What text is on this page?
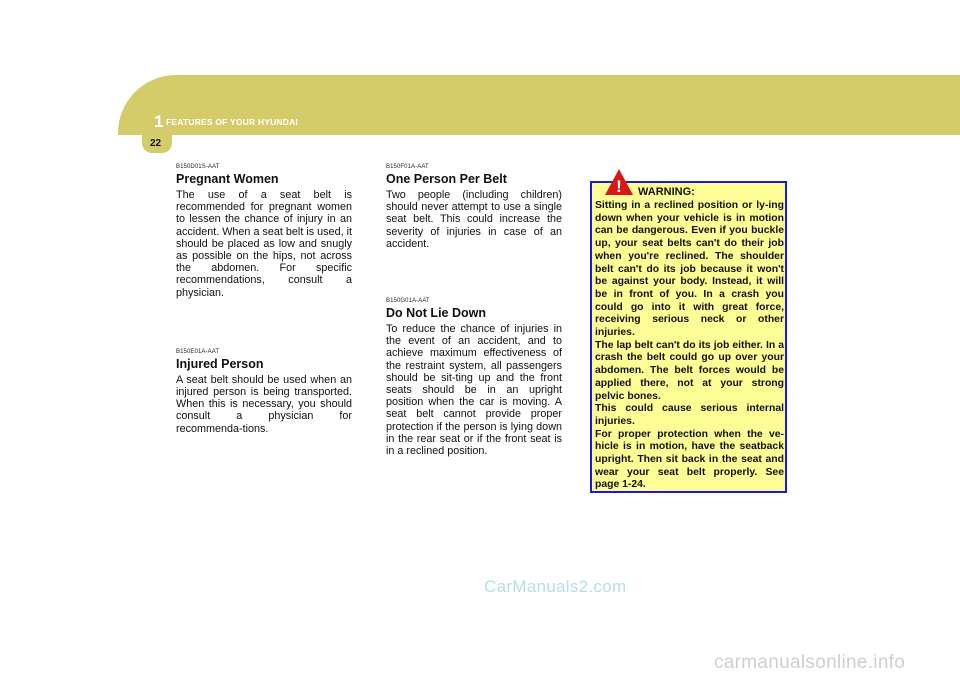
1 FEATURES OF YOUR HYUNDAI
22
B150D01S-AAT
Pregnant Women

The use of a seat belt is recommended for pregnant women to lessen the chance of injury in an accident. When a seat belt is used, it should be placed as low and snugly as possible on the hips, not across the abdomen. For specific recommendations, consult a physician.

B150E01A-AAT
Injured Person

A seat belt should be used when an injured person is being transported. When this is necessary, you should consult a physician for recommenda-tions.

B150F01A-AAT
One Person Per Belt

Two people (including children) should never attempt to use a single seat belt. This could increase the severity of injuries in case of an accident.

B150G01A-AAT
Do Not Lie Down

To reduce the chance of injuries in the event of an accident, and to achieve maximum effectiveness of the restraint system, all passengers should be sit-ting up and the front seats should be in an upright position when the car is moving. A seat belt cannot provide proper protection if the person is lying down in the rear seat or if the front seat is in a reclined position.

! WARNING:

Sitting in a reclined position or ly-ing down when your vehicle is in motion can be dangerous. Even if you buckle up, your seat belts can't do their job when you're reclined. The shoulder belt can't do its job because it won't be against your body. Instead, it will be in front of you. In a crash you could go into it with great force, receiving serious neck or other injuries.

The lap belt can't do its job either. In a crash the belt could go up over your abdomen. The belt forces would be applied there, not at your strong pelvic bones.

This could cause serious internal injuries.

For proper protection when the ve-hicle is in motion, have the seatback upright. Then sit back in the seat and wear your seat belt properly. See page 1-24.

CarManuals2.com
carmanualsonline.info
